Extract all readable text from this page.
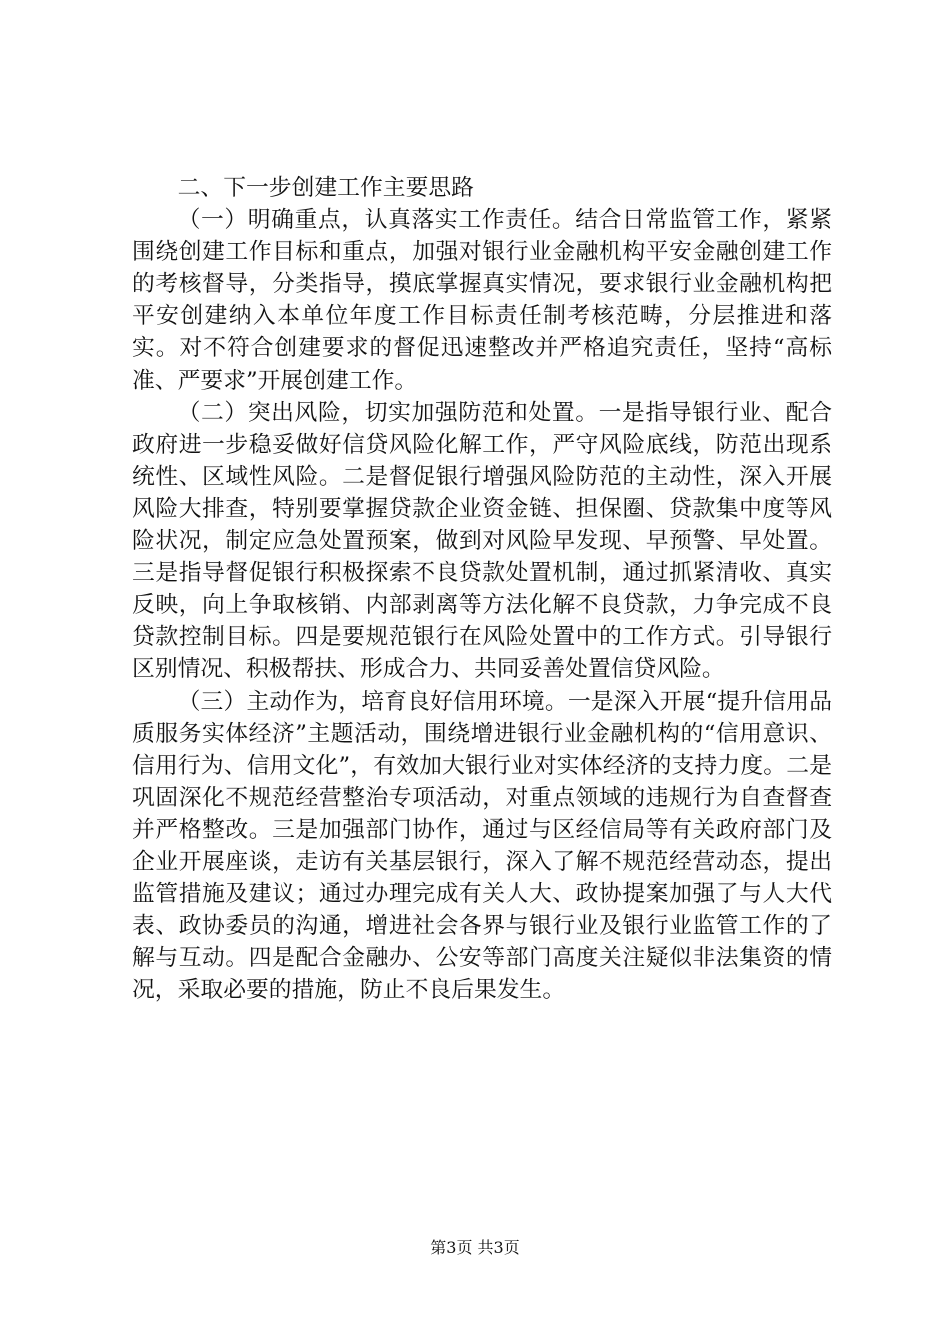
二、下一步创建工作主要思路

（一）明确重点，认真落实工作责任。结合日常监管工作，紧紧围绕创建工作目标和重点，加强对银行业金融机构平安金融创建工作的考核督导，分类指导，摸底掌握真实情况，要求银行业金融机构把平安创建纳入本单位年度工作目标责任制考核范畴，分层推进和落实。对不符合创建要求的督促迅速整改并严格追究责任，坚持“高标准、严要求”开展创建工作。

（二）突出风险，切实加强防范和处置。一是指导银行业、配合政府进一步稳妥做好信贷风险化解工作，严守风险底线，防范出现系统性、区域性风险。二是督促银行增强风险防范的主动性，深入开展风险大排查，特别要掌握贷款企业资金链、担保圈、贷款集中度等风险状况，制定应急处置预案，做到对风险早发现、早预警、早处置。三是指导督促银行积极探索不良贷款处置机制，通过抓紧清收、真实反映，向上争取核销、内部剥离等方法化解不良贷款，力争完成不良贷款控制目标。四是要规范银行在风险处置中的工作方式。引导银行区别情况、积极帮扶、形成合力、共同妥善处置信贷风险。

（三）主动作为，培育良好信用环境。一是深入开展“提升信用品质服务实体经济”主题活动，围绕增进银行业金融机构的“信用意识、信用行为、信用文化”，有效加大银行业对实体经济的支持力度。二是巩固深化不规范经营整治专项活动，对重点领域的违规行为自查督查并严格整改。三是加强部门协作，通过与区经信局等有关政府部门及企业开展座谈，走访有关基层银行，深入了解不规范经营动态，提出监管措施及建议；通过办理完成有关人大、政协提案加强了与人大代表、政协委员的沟通，增进社会各界与银行业及银行业监管工作的了解与互动。四是配合金融办、公安等部门高度关注疑似非法集资的情况，采取必要的措施，防止不良后果发生。

第3页 共3页
